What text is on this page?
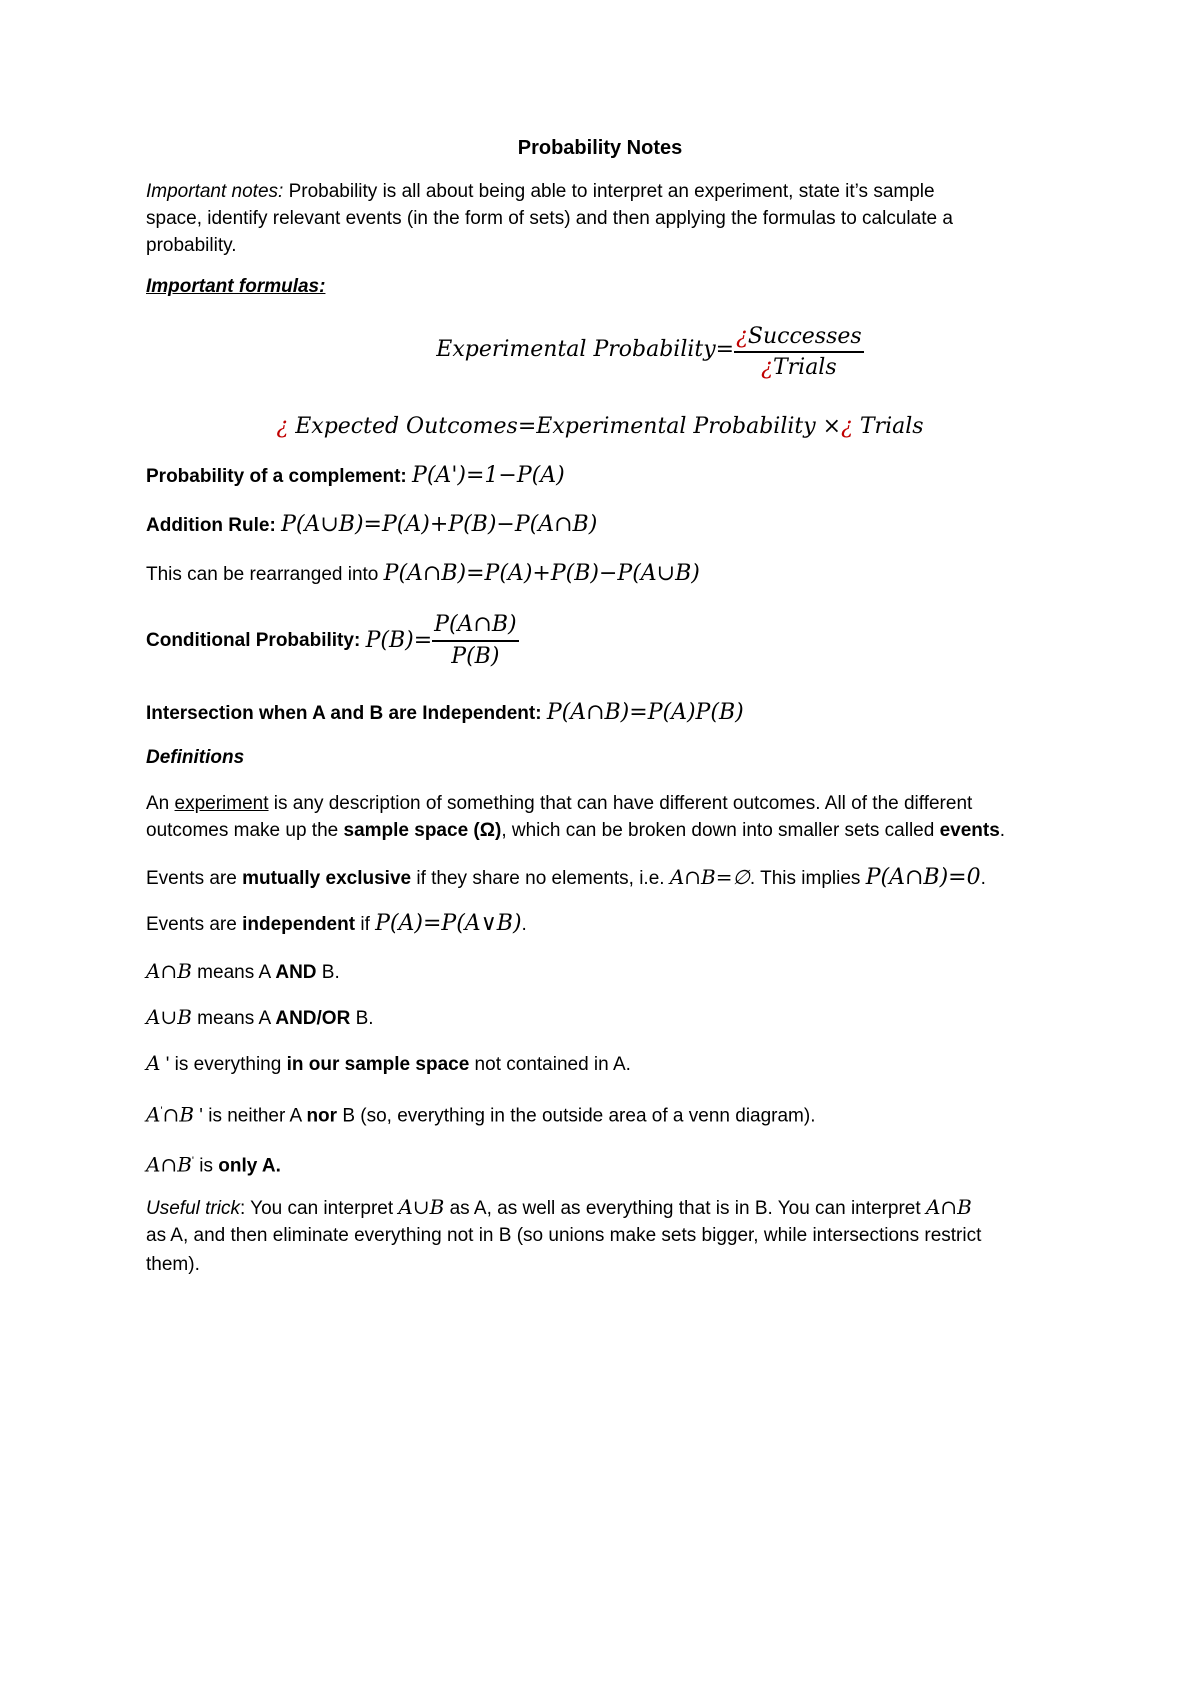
Probability Notes
Important notes: Probability is all about being able to interpret an experiment, state it’s sample
space, identify relevant events (in the form of sets) and then applying the formulas to calculate a
probability.
Important formulas:
Experimental Probability= $\frac{\text{¿Successes}}{\text{¿Trials}}$
¿ Expected Outcomes=Experimental Probability ×¿ Trials
Probability of a complement: P(A')=1−P(A)
Addition Rule: P(A∪B)=P(A)+P(B)−P(A∩B)
This can be rearranged into P(A∩B)=P(A)+P(B)−P(A∪B)
Conditional Probability: $P(B)= \frac{P(A\cap B)}{P(B)}$
Intersection when A and B are Independent: P(A∩B)=P(A)P(B)
Definitions
An experiment is any description of something that can have different outcomes. All of the different
outcomes make up the sample space (Ω), which can be broken down into smaller sets called events.
Events are mutually exclusive if they share no elements, i.e. A∩B=∅. This implies P(A∩B)=0.
Events are independent if P(A)=P(A∨B).
A∩B means A AND B.
A∪B means A AND/OR B.
A ' is everything in our sample space not contained in A.
A'∩B ' is neither A nor B (so, everything in the outside area of a venn diagram).
A∩B' is only A.
Useful trick: You can interpret A∪B as A, as well as everything that is in B. You can interpret A∩B
as A, and then eliminate everything not in B (so unions make sets bigger, while intersections restrict
them).
